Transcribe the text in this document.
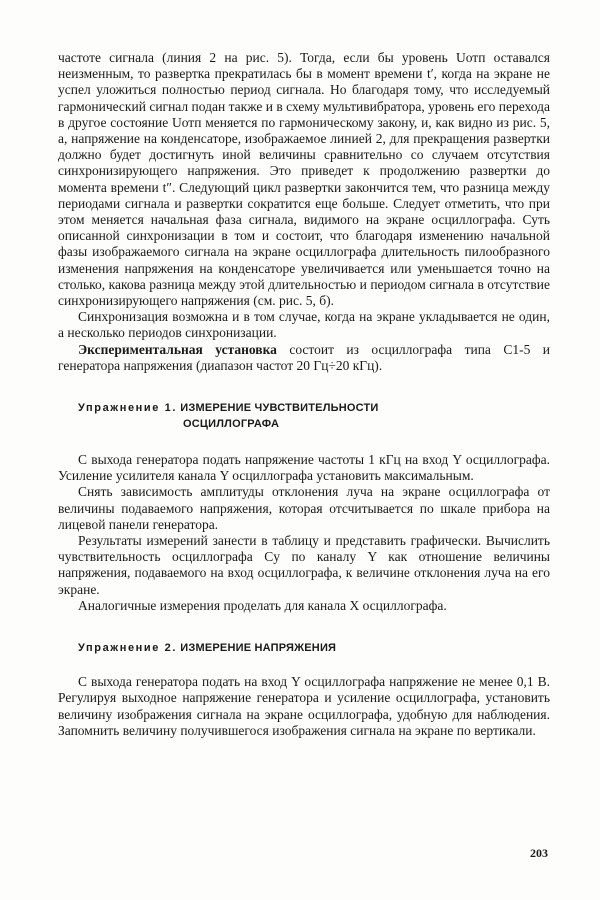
частоте сигнала (линия 2 на рис. 5). Тогда, если бы уровень Uотп оставался неизменным, то развертка прекратилась бы в момент времени t′, когда на экране не успел уложиться полностью период сигнала. Но благодаря тому, что исследуемый гармонический сигнал подан также и в схему мультивибратора, уровень его перехода в другое состояние Uотп меняется по гармоническому закону, и, как видно из рис. 5, а, напряжение на конденсаторе, изображаемое линией 2, для прекращения развертки должно будет достигнуть иной величины сравнительно со случаем отсутствия синхронизирующего напряжения. Это приведет к продолжению развертки до момента времени t″. Следующий цикл развертки закончится тем, что разница между периодами сигнала и развертки сократится еще больше. Следует отметить, что при этом меняется начальная фаза сигнала, видимого на экране осциллографа. Суть описанной синхронизации в том и состоит, что благодаря изменению начальной фазы изображаемого сигнала на экране осциллографа длительность пилообразного изменения напряжения на конденсаторе увеличивается или уменьшается точно на столько, какова разница между этой длительностью и периодом сигнала в отсутствие синхронизирующего напряжения (см. рис. 5, б).

Синхронизация возможна и в том случае, когда на экране укладывается не один, а несколько периодов синхронизации.

Экспериментальная установка состоит из осциллографа типа С1-5 и генератора напряжения (диапазон частот 20 Гц÷20 кГц).

Упражнение 1. ИЗМЕРЕНИЕ ЧУВСТВИТЕЛЬНОСТИ
ОСЦИЛЛОГРАФА

С выхода генератора подать напряжение частоты 1 кГц на вход Y осциллографа. Усиление усилителя канала Y осциллографа установить максимальным.

Снять зависимость амплитуды отклонения луча на экране осциллографа от величины подаваемого напряжения, которая отсчитывается по шкале прибора на лицевой панели генератора.

Результаты измерений занести в таблицу и представить графически. Вычислить чувствительность осциллографа Cy по каналу Y как отношение величины напряжения, подаваемого на вход осциллографа, к величине отклонения луча на его экране.

Аналогичные измерения проделать для канала X осциллографа.

Упражнение 2. ИЗМЕРЕНИЕ НАПРЯЖЕНИЯ

С выхода генератора подать на вход Y осциллографа напряжение не менее 0,1 В. Регулируя выходное напряжение генератора и усиление осциллографа, установить величину изображения сигнала на экране осциллографа, удобную для наблюдения. Запомнить величину получившегося изображения сигнала на экране по вертикали.

203
